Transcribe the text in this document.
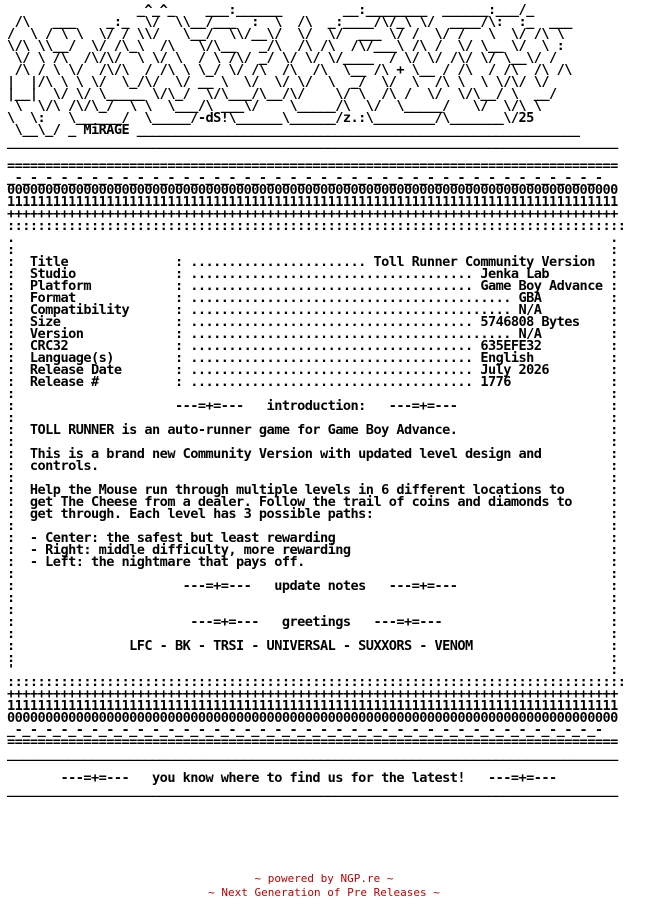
_^_^_    ___:______        __:________  ______:___/_
/\   ___    _:_  \/  \\__/___  :  \  /\  _:____/\/_\ \/  ____/\:  :_  ___
/  \ / \ \  \/ / \\/   \__/  \\/__\/  \/  \/  ___ \/ /  \/ /   \  \/ /\ \
\/\ \\__/  \/ /\_\  /\   \/\__   _/\  /\ /\  /\/___\ /\ /  \/ \__ \/  \ :
\/ \ /\  /\/\/  \ \/ \  / \ /\/ _/ \/ \/ \/____  / \/ \/ /\/ \/ \__\/ /
/\ / \ \/  /\/\  / /\ \ \_/ \/ /\  /\  /\  \__ /\ + \__ / /\  / /\  /\ /\
|  |/\ \ \ \/  \_/\/  \/ __ \  \/  \/ \/  \  _/  \/  \  /\ \  \ \/\/ \/
|__|  \/ \/ \_____ \/\_/  \/\___/\__/\/    \/ \  /\ /  \/  \/\__/ \  __/
\  \/\ /\/\_/  \ \  \___/\ ___\/    \_____/\  \/  \_____/   \/  \/\ \
\  \:   \______/  \_____/-dS!\______\______/z.:\________/\_______\/25
\__\_/ _ MiRAGE __________________________________________________________
________________________________________________________________________________
================================================================================
_-_-_-_-_-_-_-_-_-_-_-_-_-_-_-_-_-_-_-_-_-_-_-_-_-_-_-_-_-_-_-_-_-_-_-_-_-_-_-
00000000000000000000000000000000000000000000000000000000000000000000000000000000
11111111111111111111111111111111111111111111111111111111111111111111111111111111
++++++++++++++++++++++++++++++++++++++++++++++++++++++++++++++++++++++++++++++++
:::::::::::::::::::::::::::::::::::::::::::::::::::::::::::::::::::::::::::::::::
.                                                                              .
:                                                                              :
:  Title              : ....................... Toll Runner Community Version  :
:  Studio             : ..................................... Jenka Lab        :
:  Platform           : ..................................... Game Boy Advance :
:  Format             : .......................................... GBA         :
:  Compatibility      : .......................................... N/A         :
:  Size               : ..................................... 5746808 Bytes    :
:  Version            : .......................................... N/A         :
:  CRC32              : ..................................... 635EFE32         :
:  Language(s)        : ..................................... English          :
:  Release Date       : ..................................... July 2026        :
:  Release #          : ..................................... 1776             :
:                                                                              :
:                     ---=+=---   introduction:   ---=+=---                    :
:                                                                              :
:  TOLL RUNNER is an auto-runner game for Game Boy Advance.                    :
:                                                                              :
:  This is a brand new Community Version with updated level design and         :
:  controls.                                                                   :
:                                                                              :
:  Help the Mouse run through multiple levels in 6 different locations to      :
:  get The Cheese from a dealer. Follow the trail of coins and diamonds to     :
:  get through. Each level has 3 possible paths:                               :
:                                                                              :
:  - Center: the safest but least rewarding                                    :
:  - Right: middle difficulty, more rewarding                                  :
:  - Left: the nightmare that pays off.                                        :
:                                                                              :
:                      ---=+=---   update notes   ---=+=---                    :
:                                                                              :
:                                                                              :
:                       ---=+=---   greetings   ---=+=---                      :
:                                                                              :
:               LFC - BK - TRSI - UNIVERSAL - SUXXORS - VENOM                  :
:                                                                              :
'                                                                              :
:::::::::::::::::::::::::::::::::::::::::::::::::::::::::::::::::::::::::::::::::
++++++++++++++++++++++++++++++++++++++++++++++++++++++++++++++++++++++++++++++++
11111111111111111111111111111111111111111111111111111111111111111111111111111111
00000000000000000000000000000000000000000000000000000000000000000000000000000000
_-_-_-_-_-_-_-_-_-_-_-_-_-_-_-_-_-_-_-_-_-_-_-_-_-_-_-_-_-_-_-_-_-_-_-_-_-_-_-
================================================================================
________________________________________________________________________________
---=+=---   you know where to find us for the latest!   ---=+=---
________________________________________________________________________________
~ powered by NGP.re ~
~ Next Generation of Pre Releases ~
